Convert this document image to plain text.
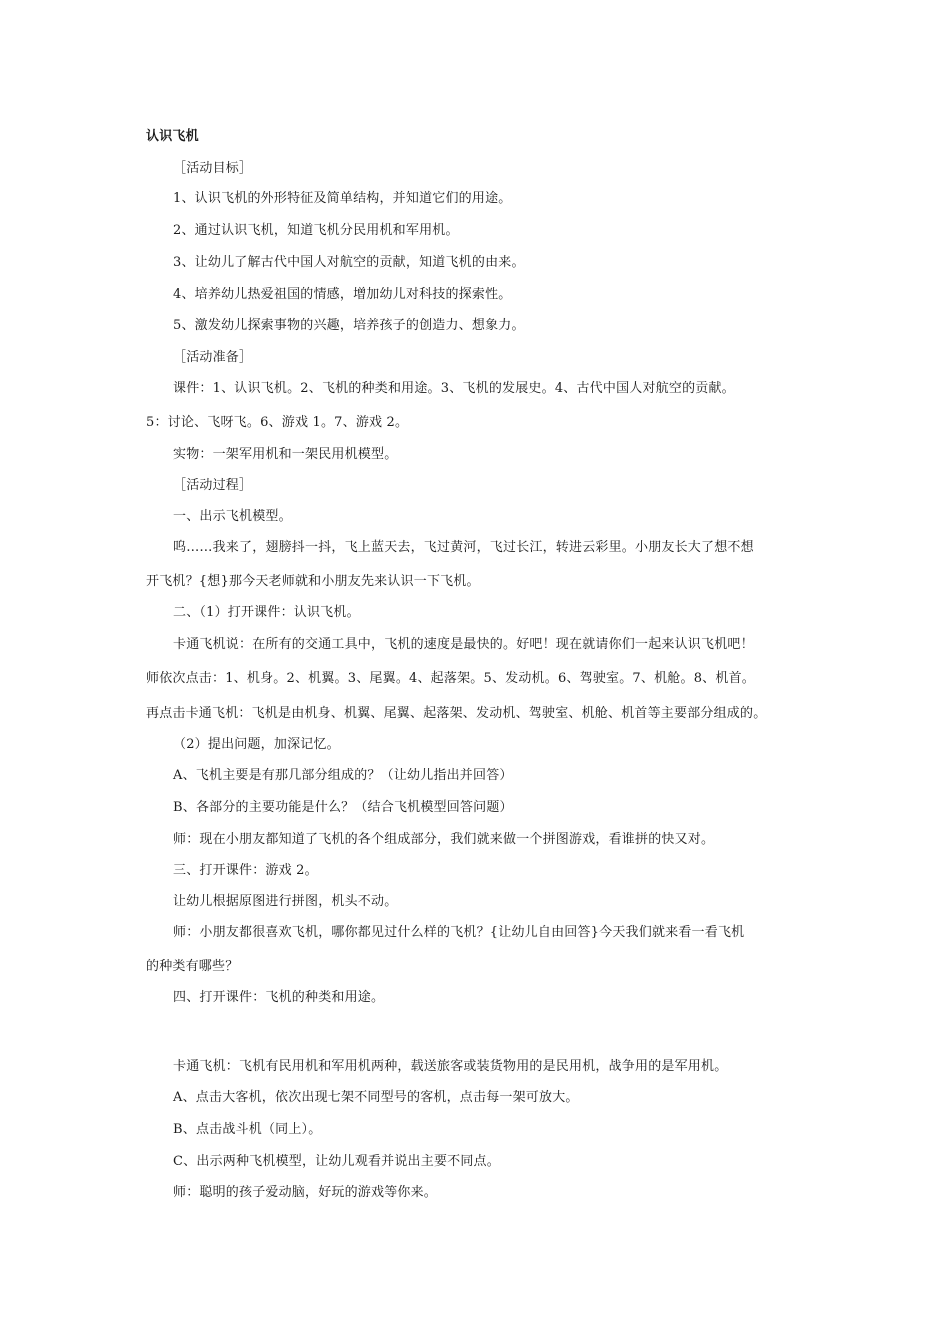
认识飞机
［活动目标］
1、认识飞机的外形特征及简单结构，并知道它们的用途。
2、通过认识飞机，知道飞机分民用机和军用机。
3、让幼儿了解古代中国人对航空的贡献，知道飞机的由来。
4、培养幼儿热爱祖国的情感，增加幼儿对科技的探索性。
5、激发幼儿探索事物的兴趣，培养孩子的创造力、想象力。
［活动准备］
课件：1、认识飞机。2、飞机的种类和用途。3、飞机的发展史。4、古代中国人对航空的贡献。
5：讨论、飞呀飞。6、游戏 1。7、游戏 2。
实物：一架军用机和一架民用机模型。
［活动过程］
一、出示飞机模型。
呜……我来了，翅膀抖一抖，飞上蓝天去，飞过黄河，飞过长江，转进云彩里。小朋友长大了想不想
开飞机？{想}那今天老师就和小朋友先来认识一下飞机。
二、（1）打开课件：认识飞机。
卡通飞机说：在所有的交通工具中，飞机的速度是最快的。好吧！现在就请你们一起来认识飞机吧！
师依次点击：1、机身。2、机翼。3、尾翼。4、起落架。5、发动机。6、驾驶室。7、机舱。8、机首。
再点击卡通飞机：飞机是由机身、机翼、尾翼、起落架、发动机、驾驶室、机舱、机首等主要部分组成的。
（2）提出问题，加深记忆。
A、飞机主要是有那几部分组成的？（让幼儿指出并回答）
B、各部分的主要功能是什么？（结合飞机模型回答问题）
师：现在小朋友都知道了飞机的各个组成部分，我们就来做一个拼图游戏，看谁拼的快又对。
三、打开课件：游戏 2。
让幼儿根据原图进行拼图，机头不动。
师：小朋友都很喜欢飞机，哪你都见过什么样的飞机？{让幼儿自由回答}今天我们就来看一看飞机
的种类有哪些？
四、打开课件：飞机的种类和用途。
卡通飞机：飞机有民用机和军用机两种，载送旅客或装货物用的是民用机，战争用的是军用机。
A、点击大客机，依次出现七架不同型号的客机，点击每一架可放大。
B、点击战斗机（同上）。
C、出示两种飞机模型，让幼儿观看并说出主要不同点。
师：聪明的孩子爱动脑，好玩的游戏等你来。
